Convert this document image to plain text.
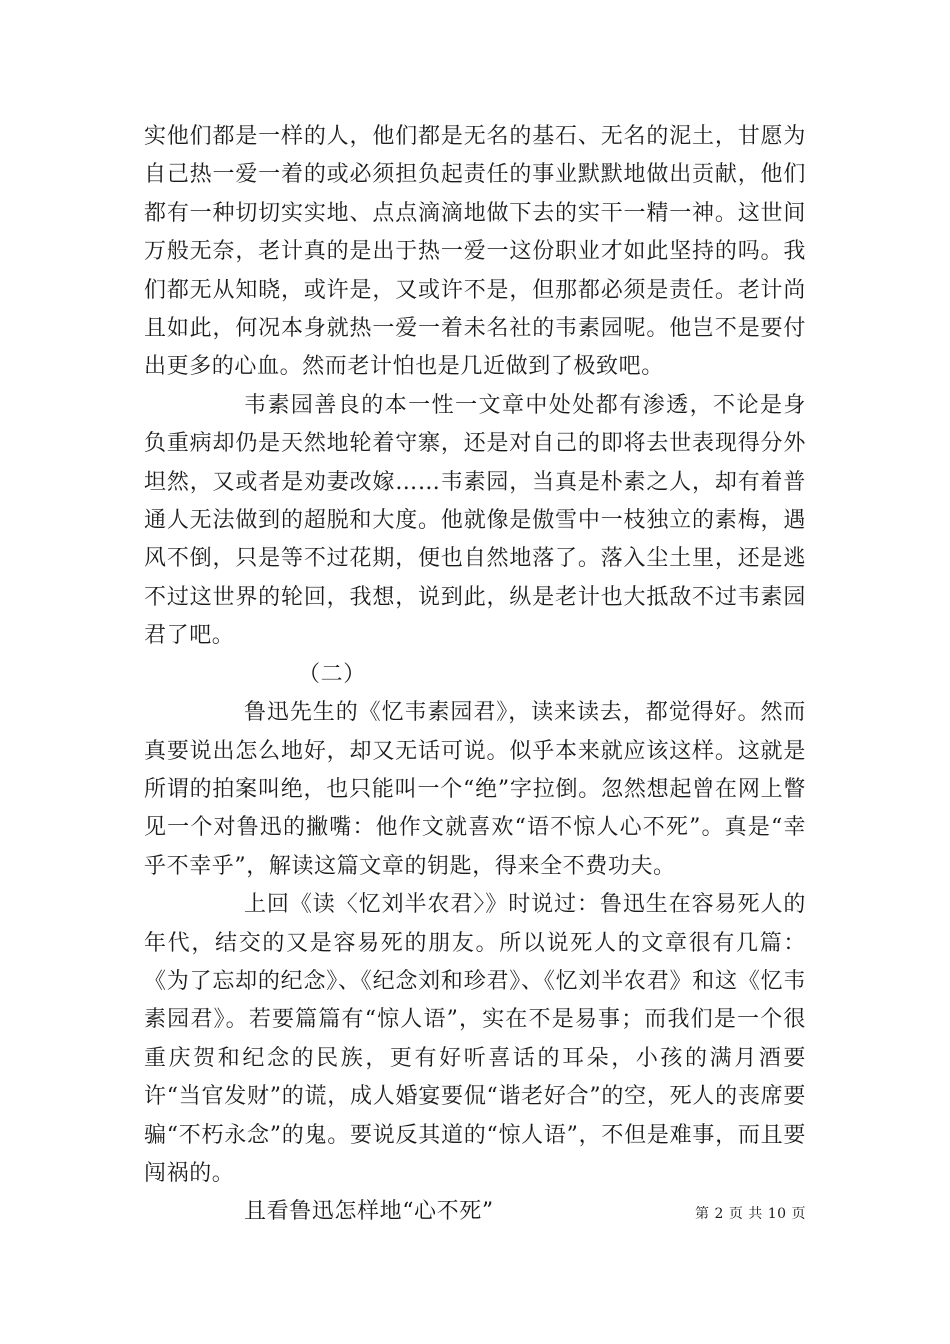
实他们都是一样的人，他们都是无名的基石、无名的泥土，甘愿为自己热一爱一着的或必须担负起责任的事业默默地做出贡献，他们都有一种切切实实地、点点滴滴地做下去的实干一精一神。这世间万般无奈，老计真的是出于热一爱一这份职业才如此坚持的吗。我们都无从知晓，或许是，又或许不是，但那都必须是责任。老计尚且如此，何况本身就热一爱一着未名社的韦素园呢。他岂不是要付出更多的心血。然而老计怕也是几近做到了极致吧。

韦素园善良的本一性一文章中处处都有渗透，不论是身负重病却仍是天然地轮着守寨，还是对自己的即将去世表现得分外坦然，又或者是劝妻改嫁……韦素园，当真是朴素之人，却有着普通人无法做到的超脱和大度。他就像是傲雪中一枝独立的素梅，遇风不倒，只是等不过花期，便也自然地落了。落入尘土里，还是逃不过这世界的轮回，我想，说到此，纵是老计也大抵敌不过韦素园君了吧。

（二）

鲁迅先生的《忆韦素园君》，读来读去，都觉得好。然而真要说出怎么地好，却又无话可说。似乎本来就应该这样。这就是所谓的拍案叫绝，也只能叫一个“绝”字拉倒。忽然想起曾在网上瞥见一个对鲁迅的撇嘴：他作文就喜欢“语不惊人心不死”。真是“幸乎不幸乎”，解读这篇文章的钥匙，得来全不费功夫。

上回《读〈忆刘半农君〉》时说过：鲁迅生在容易死人的年代，结交的又是容易死的朋友。所以说死人的文章很有几篇：《为了忘却的纪念》、《纪念刘和珍君》、《忆刘半农君》和这《忆韦素园君》。若要篇篇有“惊人语”，实在不是易事；而我们是一个很重庆贺和纪念的民族，更有好听喜话的耳朵，小孩的满月酒要许“当官发财”的谎，成人婚宴要侃“谐老好合”的空，死人的丧席要骗“不朽永念”的鬼。要说反其道的“惊人语”，不但是难事，而且要闯祸的。

且看鲁迅怎样地“心不死”	第 2 页 共 10 页
